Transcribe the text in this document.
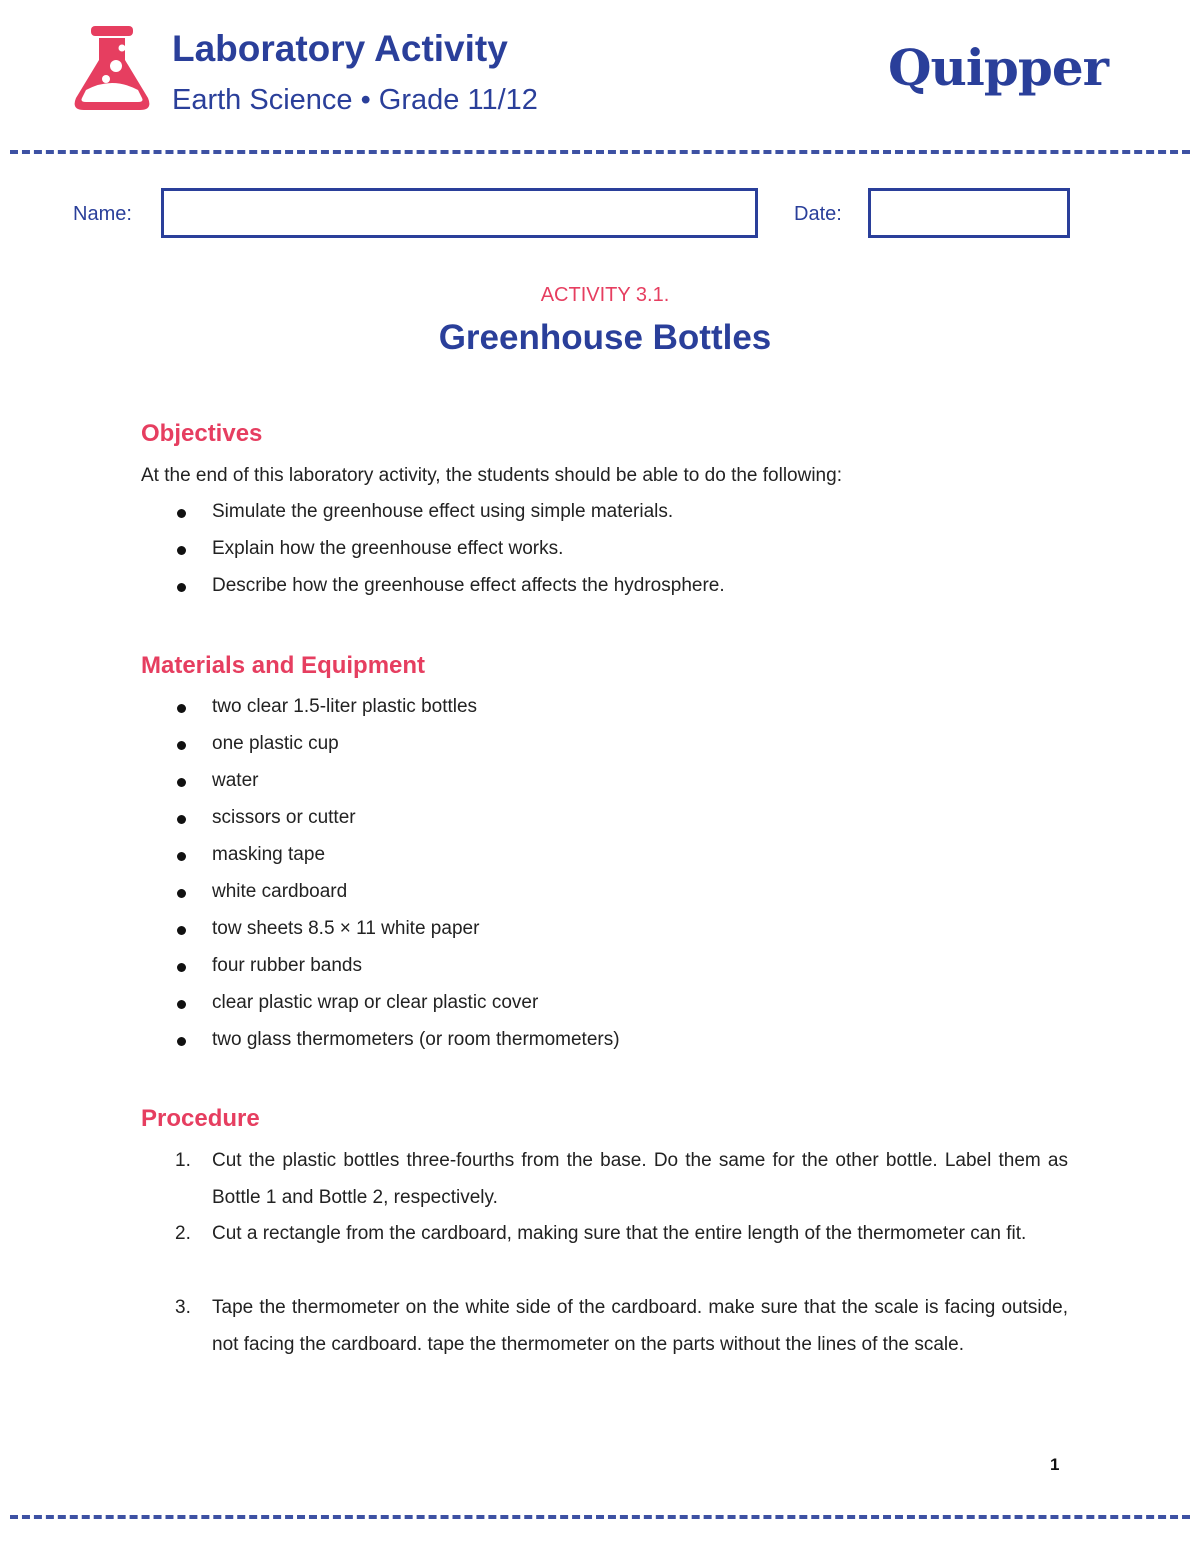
Laboratory Activity
Earth Science • Grade 11/12
Quipper
Name:	Date:
ACTIVITY 3.1.
Greenhouse Bottles
Objectives
At the end of this laboratory activity, the students should be able to do the following:
Simulate the greenhouse effect using simple materials.
Explain how the greenhouse effect works.
Describe how the greenhouse effect affects the hydrosphere.
Materials and Equipment
two clear 1.5-liter plastic bottles
one plastic cup
water
scissors or cutter
masking tape
white cardboard
tow sheets 8.5 × 11 white paper
four rubber bands
clear plastic wrap or clear plastic cover
two glass thermometers (or room thermometers)
Procedure
1. Cut the plastic bottles three-fourths from the base. Do the same for the other bottle. Label them as Bottle 1 and Bottle 2, respectively.
2. Cut a rectangle from the cardboard, making sure that the entire length of the thermometer can fit.
3. Tape the thermometer on the white side of the cardboard. make sure that the scale is facing outside, not facing the cardboard. tape the thermometer on the parts without the lines of the scale.
1
